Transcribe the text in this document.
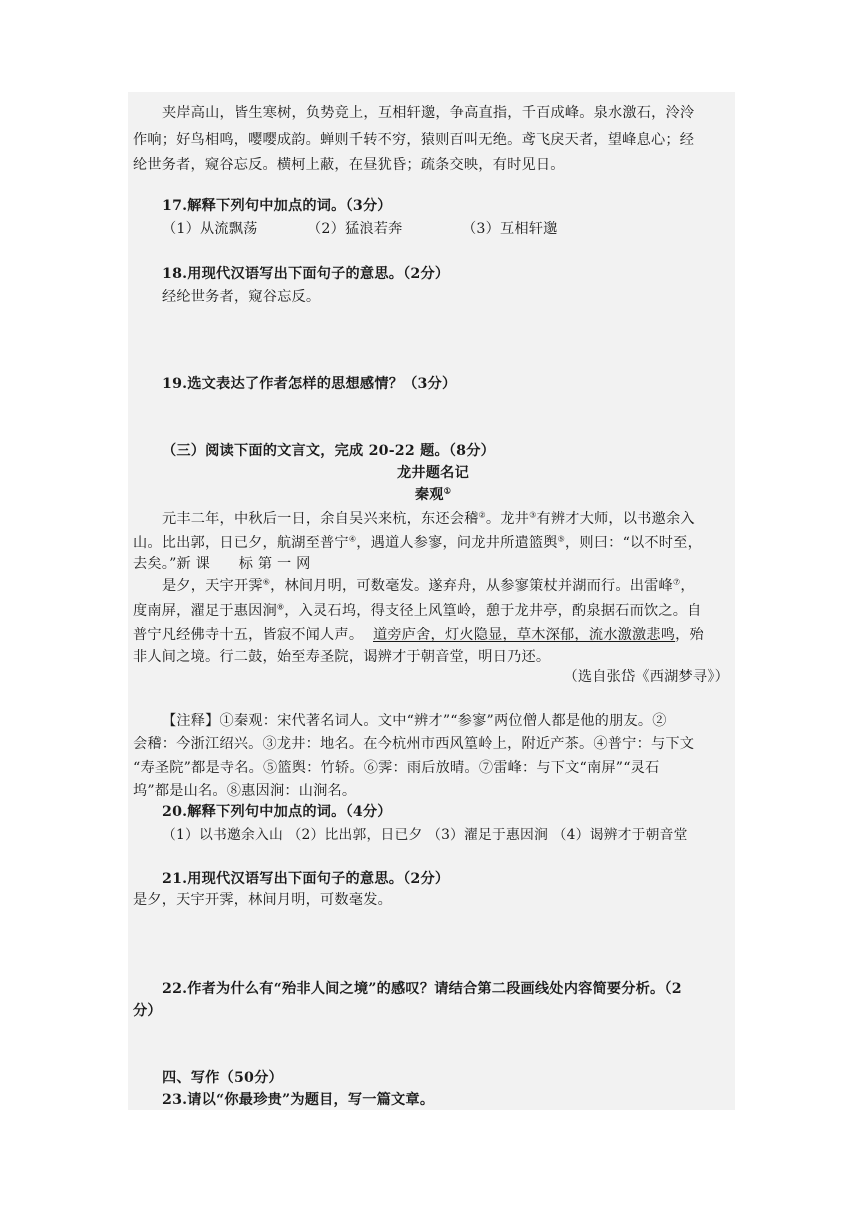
夹岸高山，皆生寒树，负势竞上，互相轩邈，争高直指，千百成峰。泉水激石，泠泠
作响；好鸟相鸣，嘤嘤成韵。蝉则千转不穷，猿则百叫无绝。鸢飞戾天者，望峰息心；经
纶世务者，窥谷忘反。横柯上蔽，在昼犹昏；疏条交映，有时见日。
17.解释下列句中加点的词。（3分）
（1）从流飘荡	（2）猛浪若奔	（3）互相轩邈
18.用现代汉语写出下面句子的意思。（2分）
经纶世务者，窥谷忘反。
19.选文表达了作者怎样的思想感情？（3分）
（三）阅读下面的文言文，完成 20-22 题。（8分）
龙井题名记
秦观①
元丰二年，中秋后一日，余自吴兴来杭，东还会稽②。龙井③有辨才大师，以书邀余入
山。比出郭，日已夕，航湖至普宁④，遇道人参寥，问龙井所遣篮舆⑤，则曰：“以不时至，
去矣。”新 课　　标 第 一 网
是夕，天宇开霁⑥，林间月明，可数毫发。遂弃舟，从参寥策杖并湖而行。出雷峰⑦，
度南屏，濯足于惠因涧⑧，入灵石坞，得支径上风篁岭，憩于龙井亭，酌泉据石而饮之。自
普宁凡经佛寺十五，皆寂不闻人声。 道旁庐舍，灯火隐显，草木深郁，流水激激悲鸣，殆
非人间之境。行二鼓，始至寿圣院，谒辨才于朝音堂，明日乃还。
（选自张岱《西湖梦寻》）
【注释】①秦观：宋代著名词人。文中“辨才”“参寥”两位僧人都是他的朋友。②
会稽：今浙江绍兴。③龙井：地名。在今杭州市西风篁岭上，附近产茶。④普宁：与下文
“寿圣院”都是寺名。⑤篮舆：竹轿。⑥霁：雨后放晴。⑦雷峰：与下文“南屏”“灵石
坞”都是山名。⑧惠因涧：山涧名。
20.解释下列句中加点的词。（4分）
（1）以书邀余入山 （2）比出郭，日已夕 （3）濯足于惠因涧 （4）谒辨才于朝音堂
21.用现代汉语写出下面句子的意思。（2分）
是夕，天宇开霁，林间月明，可数毫发。
22.作者为什么有“殆非人间之境”的感叹？请结合第二段画线处内容简要分析。（2
分）
四、写作（50分）
23.请以“你最珍贵”为题目，写一篇文章。
